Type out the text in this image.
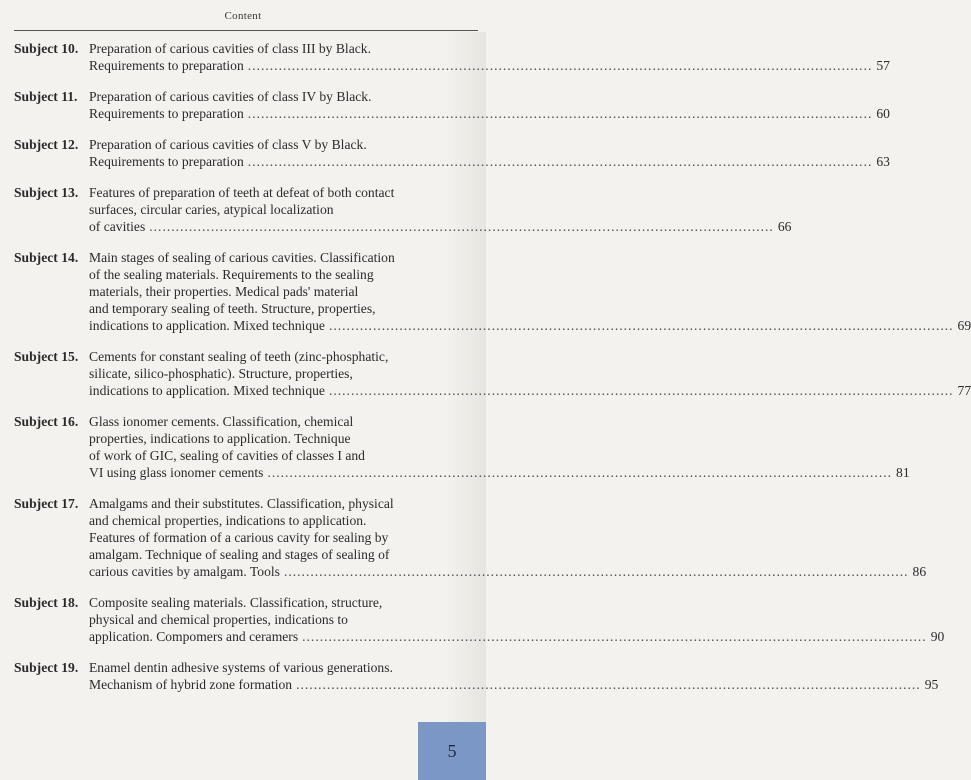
Content
Subject 10. Preparation of carious cavities of class III by Black.
Requirements to preparation .....	57
Subject 11. Preparation of carious cavities of class IV by Black.
Requirements to preparation .....	60
Subject 12. Preparation of carious cavities of class V by Black.
Requirements to preparation .....	63
Subject 13. Features of preparation of teeth at defeat of both contact
surfaces, circular caries, atypical localization
of cavities .....	66
Subject 14. Main stages of sealing of carious cavities. Classification
of the sealing materials. Requirements to the sealing
materials, their properties. Medical pads' material
and temporary sealing of teeth. Structure, properties,
indications to application. Mixed technique .....	69
Subject 15. Cements for constant sealing of teeth (zinc-phosphatic,
silicate, silico-phosphatic). Structure, properties,
indications to application. Mixed technique .....	77
Subject 16. Glass ionomer cements. Classification, chemical
properties, indications to application. Technique
of work of GIC, sealing of cavities of classes I and
VI using glass ionomer cements .....	81
Subject 17. Amalgams and their substitutes. Classification, physical
and chemical properties, indications to application.
Features of formation of a carious cavity for sealing by
amalgam. Technique of sealing and stages of sealing of
carious cavities by amalgam. Tools .....	86
Subject 18. Composite sealing materials. Classification, structure,
physical and chemical properties, indications to
application. Compomers and ceramers .....	90
Subject 19. Enamel dentin adhesive systems of various generations.
Mechanism of hybrid zone formation .....	95
5
